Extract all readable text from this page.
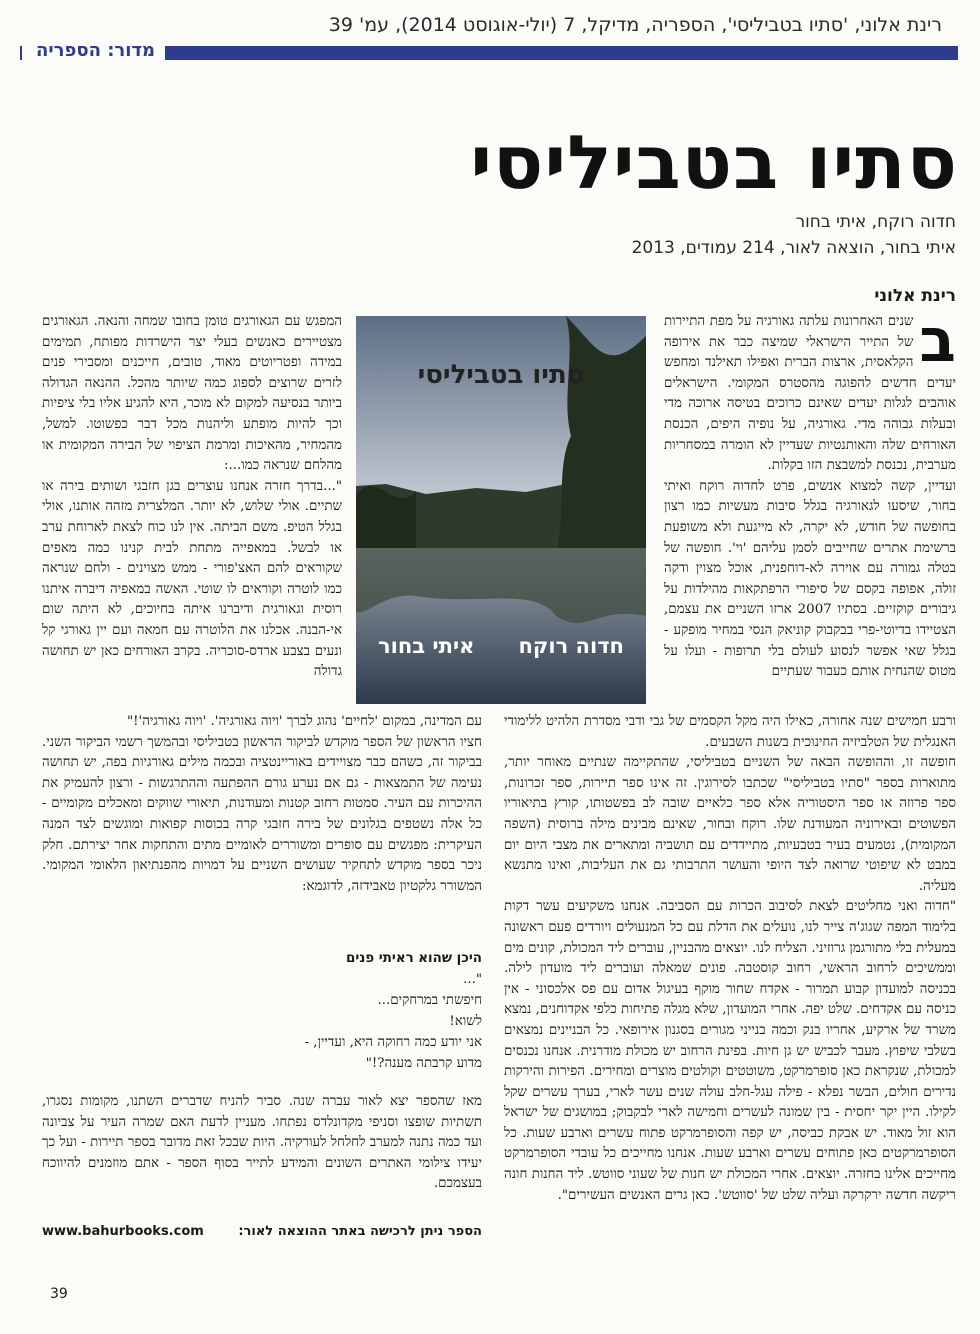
רינת אלוני, 'סתיו בטביליסי', הספריה, מדיקל, 7 (יולי-אוגוסט 2014), עמ' 39
מדור: הספריה
סתיו בטביליסי
חדוה רוקח, איתי בחור
איתי בחור, הוצאה לאור, 214 עמודים, 2013
רינת אלוני

ב
שנים האחרונות עלתה גאורגיה על מפת התיירות של התייר הישראלי שמיצה כבר את אירופה הקלאסית, ארצות הברית ואפילו תאילנד ומחפש יעדים חדשים להפוגה מהסטרס המקומי. הישראלים אוהבים לגלות יעדים שאינם כרוכים בטיסה ארוכה מדי ובעלות גבוהה מדי. גאורגיה, על נופיה היפים, הכנסת האורחים שלה והאותנטיות שעדיין לא הומרה במסחריות מערבית, נכנסת למשבצת הזו בקלות.

ועדיין, קשה למצוא אנשים, פרט לחדוה רוקח ואיתי בחור, שיסעו לגאורגיה בגלל סיבות מעשיות כמו רצון בחופשה של חודש, לא יקרה, לא מייגעת ולא משופעת ברשימת אתרים שחייבים לסמן עליהם 'וי'. חופשה של בטלה גמורה עם אוירה לא-דוחפנית, אוכל מצוין ודקה זולה, אפופה בקסם של סיפורי הרפתקאות מהילדות על גיבורים קוקזיים. בסתיו 2007 ארזו השניים את עצמם, הצטיידו בדיוטי-פרי בבקבוק קוניאק הנסי במחיר מופקע - בגלל שאי אפשר לנסוע לעולם בלי תרופות - ועלו על מטוס שהנחית אותם כעבור שעתיים

סתיו בטביליסי
חדוה רוקח
איתי בחור

המפגש עם הגאורגים טומן בחובו שמחה והנאה. הגאורגים מצטיירים כאנשים בעלי יצר הישרדות מפותח, תמימים במידה ופטריוטים מאוד, טובים, חייכנים ומסבירי פנים לזרים שרוצים לספוג כמה שיותר מהכל. ההנאה הגדולה ביותר בנסיעה למקום לא מוכר, היא להגיע אליו בלי ציפיות וכך להיות מופתע וליהנות מכל דבר כפשוטו. למשל, מהמחיר, מהאיכות ומרמת הציפוי של הבירה המקומית או מהלחם שנראה כמו...:

"...בדרך חזרה אנחנו עוצרים בגן חזבגי ושותים בירה או שתיים. אולי שלוש, לא יותר. המלצרית מזהה אותנו, אולי בגלל הטיפ. משם הביתה. אין לנו כוח לצאת לארוחת ערב או לבשל. במאפייה מתחת לבית קנינו כמה מאפים שקוראים להם האצ'פורי - ממש מצוינים - ולחם שנראה כמו לוטרה וקוראים לו שוטי. האשה במאפיה דיברה איתנו רוסית וגאורגית ודיברנו איתה בחיוכים, לא היתה שום אי-הבנה. אכלנו את הלוטרה עם חמאה ועם יין גאורגי קל ונעים בצבע ארדס-סוכריה. בקרב האורחים כאן יש תחושה גדולה

עם המדינה, במקום 'לחיים' נהוג לברך 'ויוה גאורגיה'. 'ויוה גאורגיה'!"

חציו הראשון של הספר מוקדש לביקור הראשון בטביליסי ובהמשך רשמי הביקור השני. בביקור זה, כשהם כבר מצויידים באוריינטציה ובכמה מילים גאורגיות בפה, יש תחושה נעימה של התמצאות - גם אם נערע גורם ההפתעה וההתרגשות - ורצון להעמיק את ההיכרות עם העיר. סמטות רחוב קטנות ומעודנות, תיאורי שווקים ומאכלים מקומיים - כל אלה נשטפים בגלונים של בירה חזבגי קרה בכוסות קפואות ומוגשים לצד המנה העיקרית: מפגשים עם סופרים ומשוררים לאומיים מתים והתחקות אחר יצירתם. חלק ניכר בספר מוקדש לתחקיר שעושים השניים על דמויות מהפנתיאון הלאומי המקומי. המשורר גלקטיון טאבידזה, לדוגמא:

היכן שהוא ראיתי פנים
"...
חיפשתי במרחקים...
לשוא!
אני יודע כמה רחוקה היא, ועדיין, -
מדוע קרבתה מענה?!"

מאז שהספר יצא לאור עברה שנה. סביר להניח שדברים השתנו, מקומות נסגרו, תשתיות שופצו וסניפי מקדונלדס נפתחו. מעניין לדעת האם שמרה העיר על צביונה ועד כמה נתנה למערב לחלחל לעורקיה. היות שבכל זאת מדובר בספר תיירות - ועל כך יעידו צילומי האתרים השונים והמידע לתייר בסוף הספר - אתם מוזמנים להיווכח בעצמכם.

הספר ניתן לרכישה באתר ההוצאה לאור:
www.bahurbooks.com

ורבע חמישים שנה אחורה, כאילו היה מקל הקסמים של גבי ודבי מסדרת הלהיט ללימודי האנגלית של הטלביזיה החינוכית בשנות השבעים.

חופשה זו, וההופשה הבאה של השניים בטביליסי, שהתקיימה שנתיים מאוחר יותר, מתוארות בספר "סתיו בטביליסי" שכתבו לסירוגין. זה אינו ספר תיירות, ספר זכרונות, ספר פרוזה או ספר היסטוריה אלא ספר כלאיים שובה לב בפשטותו, קורץ בתיאוריו הפשוטים ובאירוניה המעודנת שלו. רוקח ובחור, שאינם מבינים מילה ברוסית (השפה המקומית), נטמעים בעיר בטבעיות, מתיידדים עם תושביה ומתארים את מצבי היום יום במבט לא שיפוטי שרואה לצד היופי והעושר התרבותי גם את העליבות, ואינו מתנשא מעליה.

"חדוה ואני מחליטים לצאת לסיבוב הכרות עם הסביבה. אנחנו משקיעים עשר דקות בלימוד המפה שגוג'ה צייר לנו, נועלים את הדלת עם כל המנעולים ויורדים פעם ראשונה במעלית בלי מתורגמן גרוזיני. הצליח לנו. יוצאים מהבניין, עוברים ליד המכולת, קונים מים וממשיכים לרחוב הראשי, רחוב קוסטבה. פונים שמאלה ועוברים ליד מועדון לילה. בכניסה למועדון קבוע תמרור - אקדח שחור מוקף בעיגול אדום עם פס אלכסוני - אין כניסה עם אקדחים. שלט יפה. אחרי המועדון, שלא מגלה פתיחות כלפי אקדוחנים, נמצא משרד של ארקיע, אחריו בנק וכמה בנייני מגורים בסגנון אירופאי. כל הבניינים נמצאים בשלבי שיפוץ. מעבר לכביש יש גן חיות. בפינת הרחוב יש מכולת מודרנית. אנחנו נכנסים למכולת, שנקראת כאן סופרמרקט, משוטטים וקולטים מוצרים ומחירים. הפירות והירקות נדירים חולים, הבשר נפלא - פילה עגל-חלב עולה שנים עשר לארי, בערך עשרים שקל לקילו. היין יקר יחסית - בין שמונה לעשרים וחמישה לארי לבקבוק; במושגים של ישראל הוא זול מאוד. יש אבקת כביסה, יש קפה והסופרמרקט פתוח עשרים וארבע שעות. כל הסופרמרקטים כאן פתוחים עשרים וארבע שעות. אנחנו מחייכים כל עובדי הסופרמרקט מחייכים אלינו בחזרה. יוצאים. אחרי המכולת יש חנות של שעוני סווטש. ליד החנות חונה ריקשה חדשה ירקרקה ועליה שלט של 'סווטש'. כאן גרים האנשים העשירים".

39
